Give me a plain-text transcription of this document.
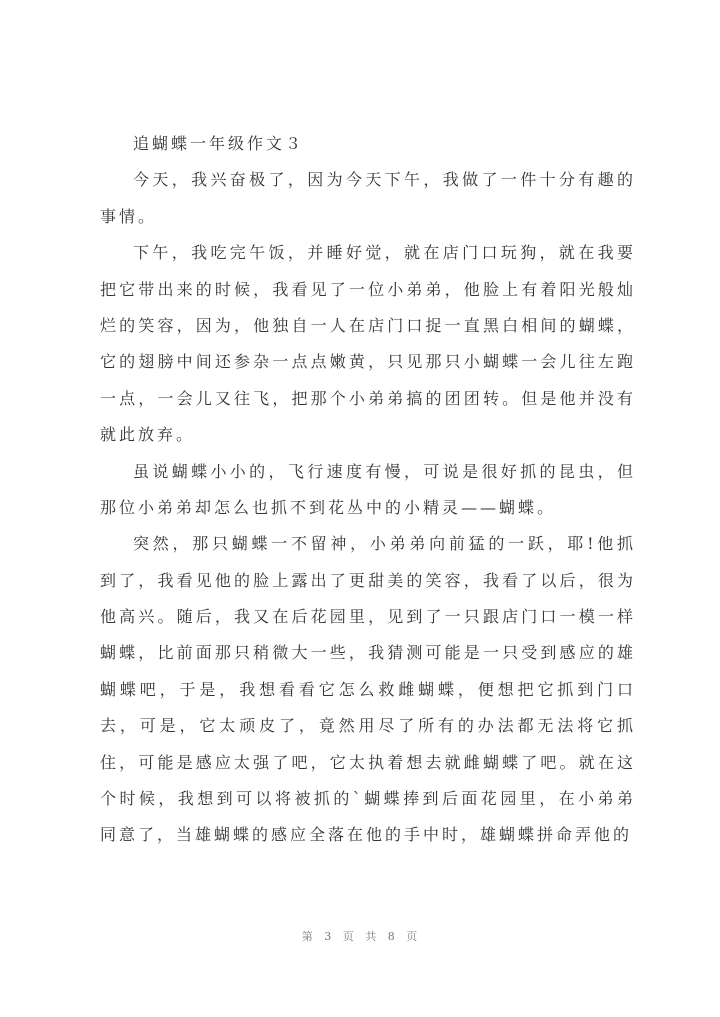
追蝴蝶一年级作文３
今天，我兴奋极了，因为今天下午，我做了一件十分有趣的
事情。
下午，我吃完午饭，并睡好觉，就在店门口玩狗，就在我要
把它带出来的时候，我看见了一位小弟弟，他脸上有着阳光般灿
烂的笑容，因为，他独自一人在店门口捉一直黑白相间的蝴蝶，
它的翅膀中间还参杂一点点嫩黄，只见那只小蝴蝶一会儿往左跑
一点，一会儿又往飞，把那个小弟弟搞的团团转。但是他并没有
就此放弃。
虽说蝴蝶小小的，飞行速度有慢，可说是很好抓的昆虫，但
那位小弟弟却怎么也抓不到花丛中的小精灵——蝴蝶。
突然，那只蝴蝶一不留神，小弟弟向前猛的一跃，耶!他抓
到了，我看见他的脸上露出了更甜美的笑容，我看了以后，很为
他高兴。随后，我又在后花园里，见到了一只跟店门口一模一样
蝴蝶，比前面那只稍微大一些，我猜测可能是一只受到感应的雄
蝴蝶吧，于是，我想看看它怎么救雌蝴蝶，便想把它抓到门口
去，可是，它太顽皮了，竟然用尽了所有的办法都无法将它抓
住，可能是感应太强了吧，它太执着想去就雌蝴蝶了吧。就在这
个时候，我想到可以将被抓的`蝴蝶捧到后面花园里，在小弟弟
同意了，当雄蝴蝶的感应全落在他的手中时，雄蝴蝶拼命弄他的
第 3 页 共 8 页
